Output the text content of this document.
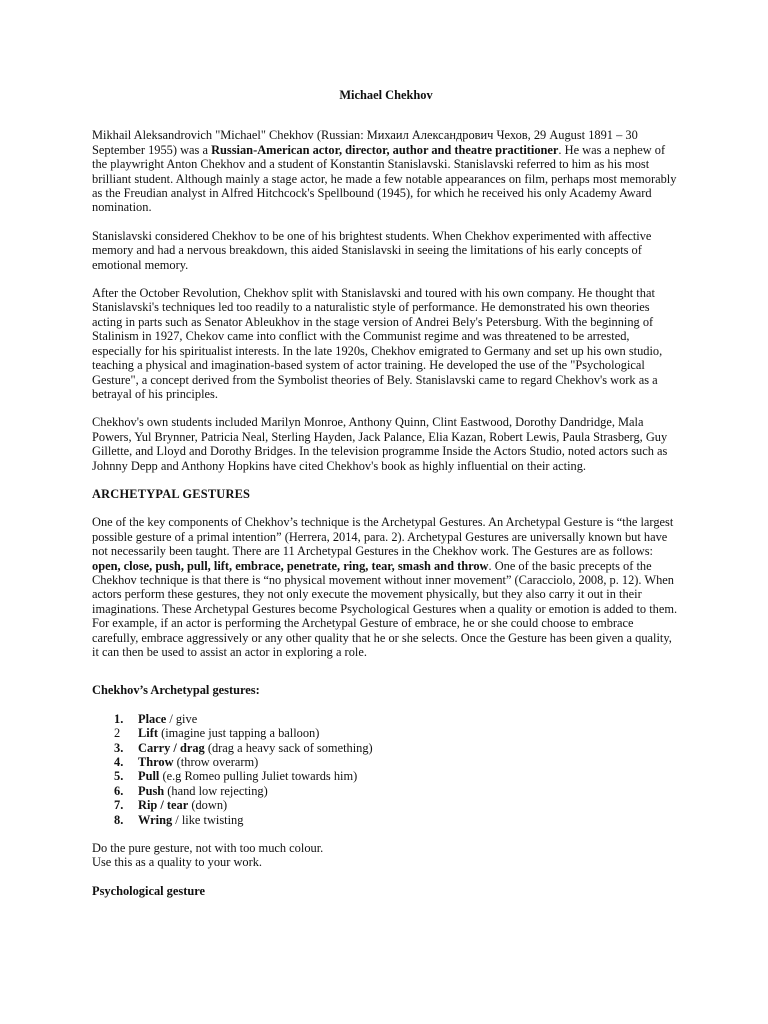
Michael Chekhov

Mikhail Aleksandrovich "Michael" Chekhov (Russian: Михаил Александрович Чехов, 29 August 1891 – 30 September 1955) was a Russian-American actor, director, author and theatre practitioner. He was a nephew of the playwright Anton Chekhov and a student of Konstantin Stanislavski. Stanislavski referred to him as his most brilliant student. Although mainly a stage actor, he made a few notable appearances on film, perhaps most memorably as the Freudian analyst in Alfred Hitchcock's Spellbound (1945), for which he received his only Academy Award nomination.

Stanislavski considered Chekhov to be one of his brightest students. When Chekhov experimented with affective memory and had a nervous breakdown, this aided Stanislavski in seeing the limitations of his early concepts of emotional memory.

After the October Revolution, Chekhov split with Stanislavski and toured with his own company. He thought that Stanislavski's techniques led too readily to a naturalistic style of performance. He demonstrated his own theories acting in parts such as Senator Ableukhov in the stage version of Andrei Bely's Petersburg. With the beginning of Stalinism in 1927, Chekov came into conflict with the Communist regime and was threatened to be arrested, especially for his spiritualist interests. In the late 1920s, Chekhov emigrated to Germany and set up his own studio, teaching a physical and imagination-based system of actor training. He developed the use of the "Psychological Gesture", a concept derived from the Symbolist theories of Bely. Stanislavski came to regard Chekhov's work as a betrayal of his principles.

Chekhov's own students included Marilyn Monroe, Anthony Quinn, Clint Eastwood, Dorothy Dandridge, Mala Powers, Yul Brynner, Patricia Neal, Sterling Hayden, Jack Palance, Elia Kazan, Robert Lewis, Paula Strasberg, Guy Gillette, and Lloyd and Dorothy Bridges. In the television programme Inside the Actors Studio, noted actors such as Johnny Depp and Anthony Hopkins have cited Chekhov's book as highly influential on their acting.

ARCHETYPAL GESTURES

One of the key components of Chekhov’s technique is the Archetypal Gestures. An Archetypal Gesture is “the largest possible gesture of a primal intention” (Herrera, 2014, para. 2). Archetypal Gestures are universally known but have not necessarily been taught. There are 11 Archetypal Gestures in the Chekhov work. The Gestures are as follows: open, close, push, pull, lift, embrace, penetrate, ring, tear, smash and throw. One of the basic precepts of the Chekhov technique is that there is “no physical movement without inner movement” (Caracciolo, 2008, p. 12). When actors perform these gestures, they not only execute the movement physically, but they also carry it out in their imaginations. These Archetypal Gestures become Psychological Gestures when a quality or emotion is added to them. For example, if an actor is performing the Archetypal Gesture of embrace, he or she could choose to embrace carefully, embrace aggressively or any other quality that he or she selects. Once the Gesture has been given a quality, it can then be used to assist an actor in exploring a role.

Chekhov’s Archetypal gestures:
1. Place / give
2 Lift (imagine just tapping a balloon)
3. Carry / drag (drag a heavy sack of something)
4. Throw (throw overarm)
5. Pull (e.g Romeo pulling Juliet towards him)
6. Push (hand low rejecting)
7. Rip / tear (down)
8. Wring / like twisting
Do the pure gesture, not with too much colour.
Use this as a quality to your work.
Psychological gesture
